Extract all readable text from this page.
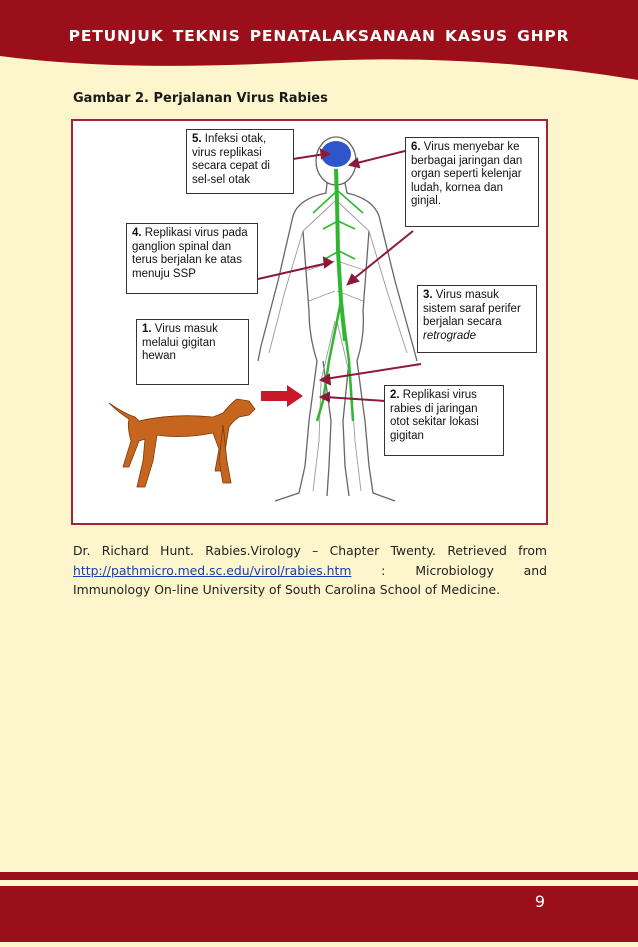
PETUNJUK TEKNIS PENATALAKSANAAN KASUS GHPR
Gambar 2. Perjalanan Virus Rabies
5. Infeksi otak, virus replikasi secara cepat di sel-sel otak
6. Virus menyebar ke berbagai jaringan dan organ seperti kelenjar ludah, kornea dan ginjal.
4. Replikasi virus pada ganglion spinal dan terus berjalan ke atas menuju SSP
3. Virus masuk sistem saraf perifer berjalan secara retrograde
1. Virus masuk melalui gigitan hewan
2. Replikasi virus rabies di jaringan otot sekitar lokasi gigitan
Dr. Richard Hunt. Rabies.Virology – Chapter Twenty. Retrieved from http://pathmicro.med.sc.edu/virol/rabies.htm : Microbiology and Immunology On-line University of South Carolina School of Medicine.
9
